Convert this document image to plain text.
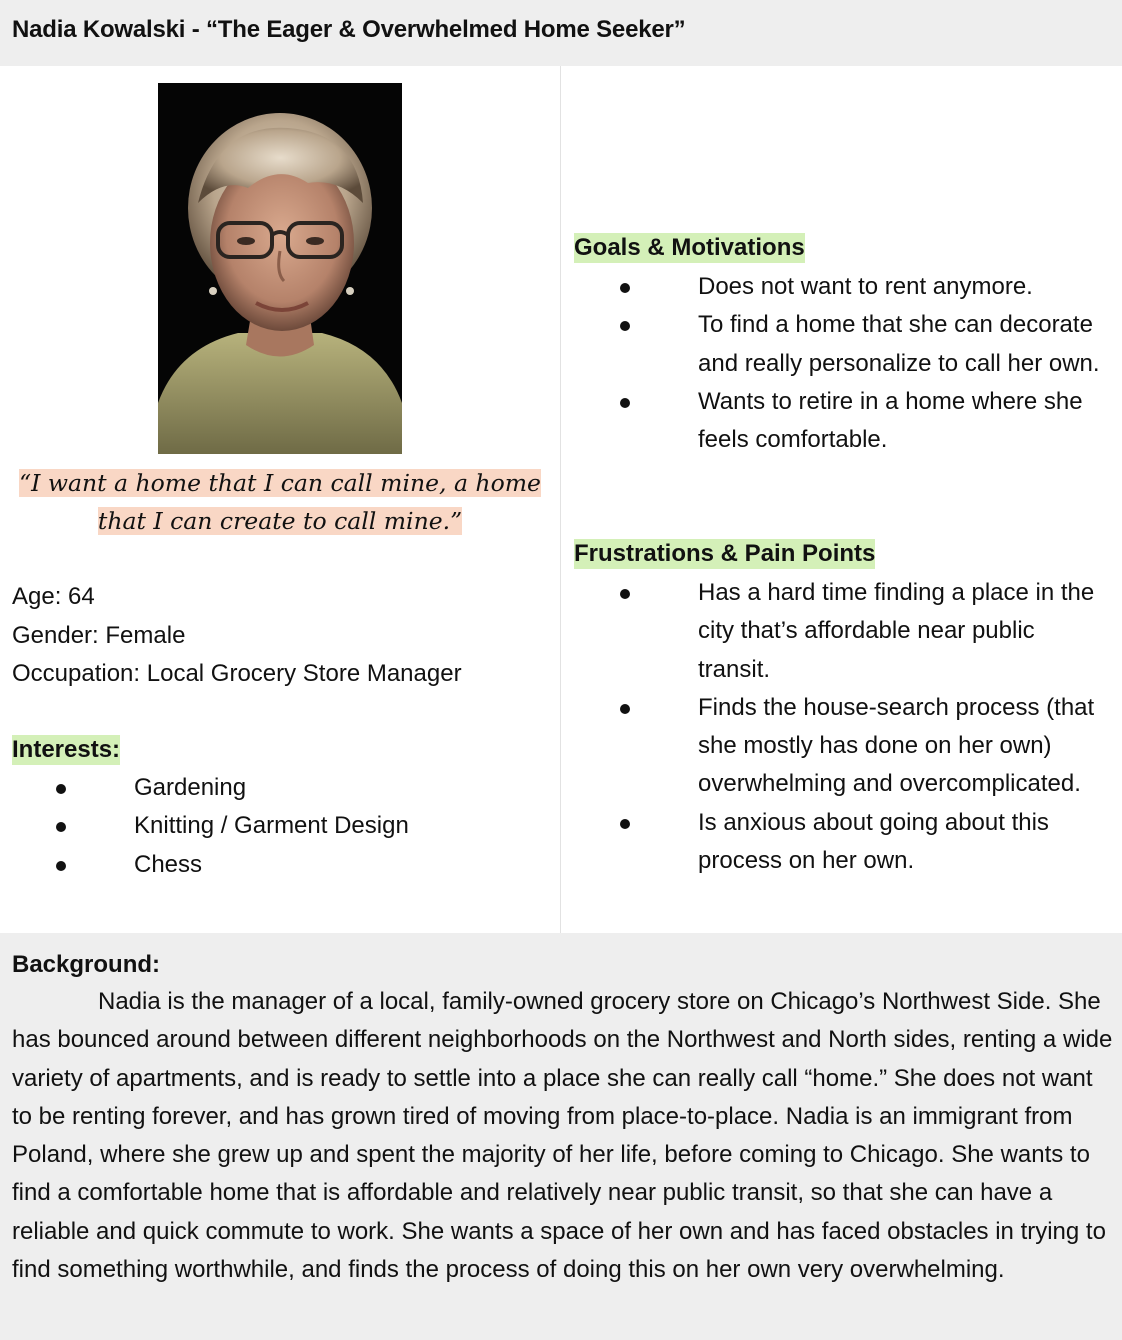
Nadia Kowalski - “The Eager & Overwhelmed Home Seeker”
“I want a home that I can call mine, a home that I can create to call mine.”
Age: 64
Gender: Female
Occupation: Local Grocery Store Manager
Interests:
Gardening
Knitting / Garment Design
Chess
Goals & Motivations
Does not want to rent anymore.
To find a home that she can decorate and really personalize to call her own.
Wants to retire in a home where she feels comfortable.
Frustrations & Pain Points
Has a hard time finding a place in the city that’s affordable near public transit.
Finds the house-search process (that she mostly has done on her own) overwhelming and overcomplicated.
Is anxious about going about this process on her own.
Background:

Nadia is the manager of a local, family-owned grocery store on Chicago’s Northwest Side. She has bounced around between different neighborhoods on the Northwest and North sides, renting a wide variety of apartments, and is ready to settle into a place she can really call “home.” She does not want to be renting forever, and has grown tired of moving from place-to-place. Nadia is an immigrant from Poland, where she grew up and spent the majority of her life, before coming to Chicago. She wants to find a comfortable home that is affordable and relatively near public transit, so that she can have a reliable and quick commute to work. She wants a space of her own and has faced obstacles in trying to find something worthwhile, and finds the process of doing this on her own very overwhelming.
